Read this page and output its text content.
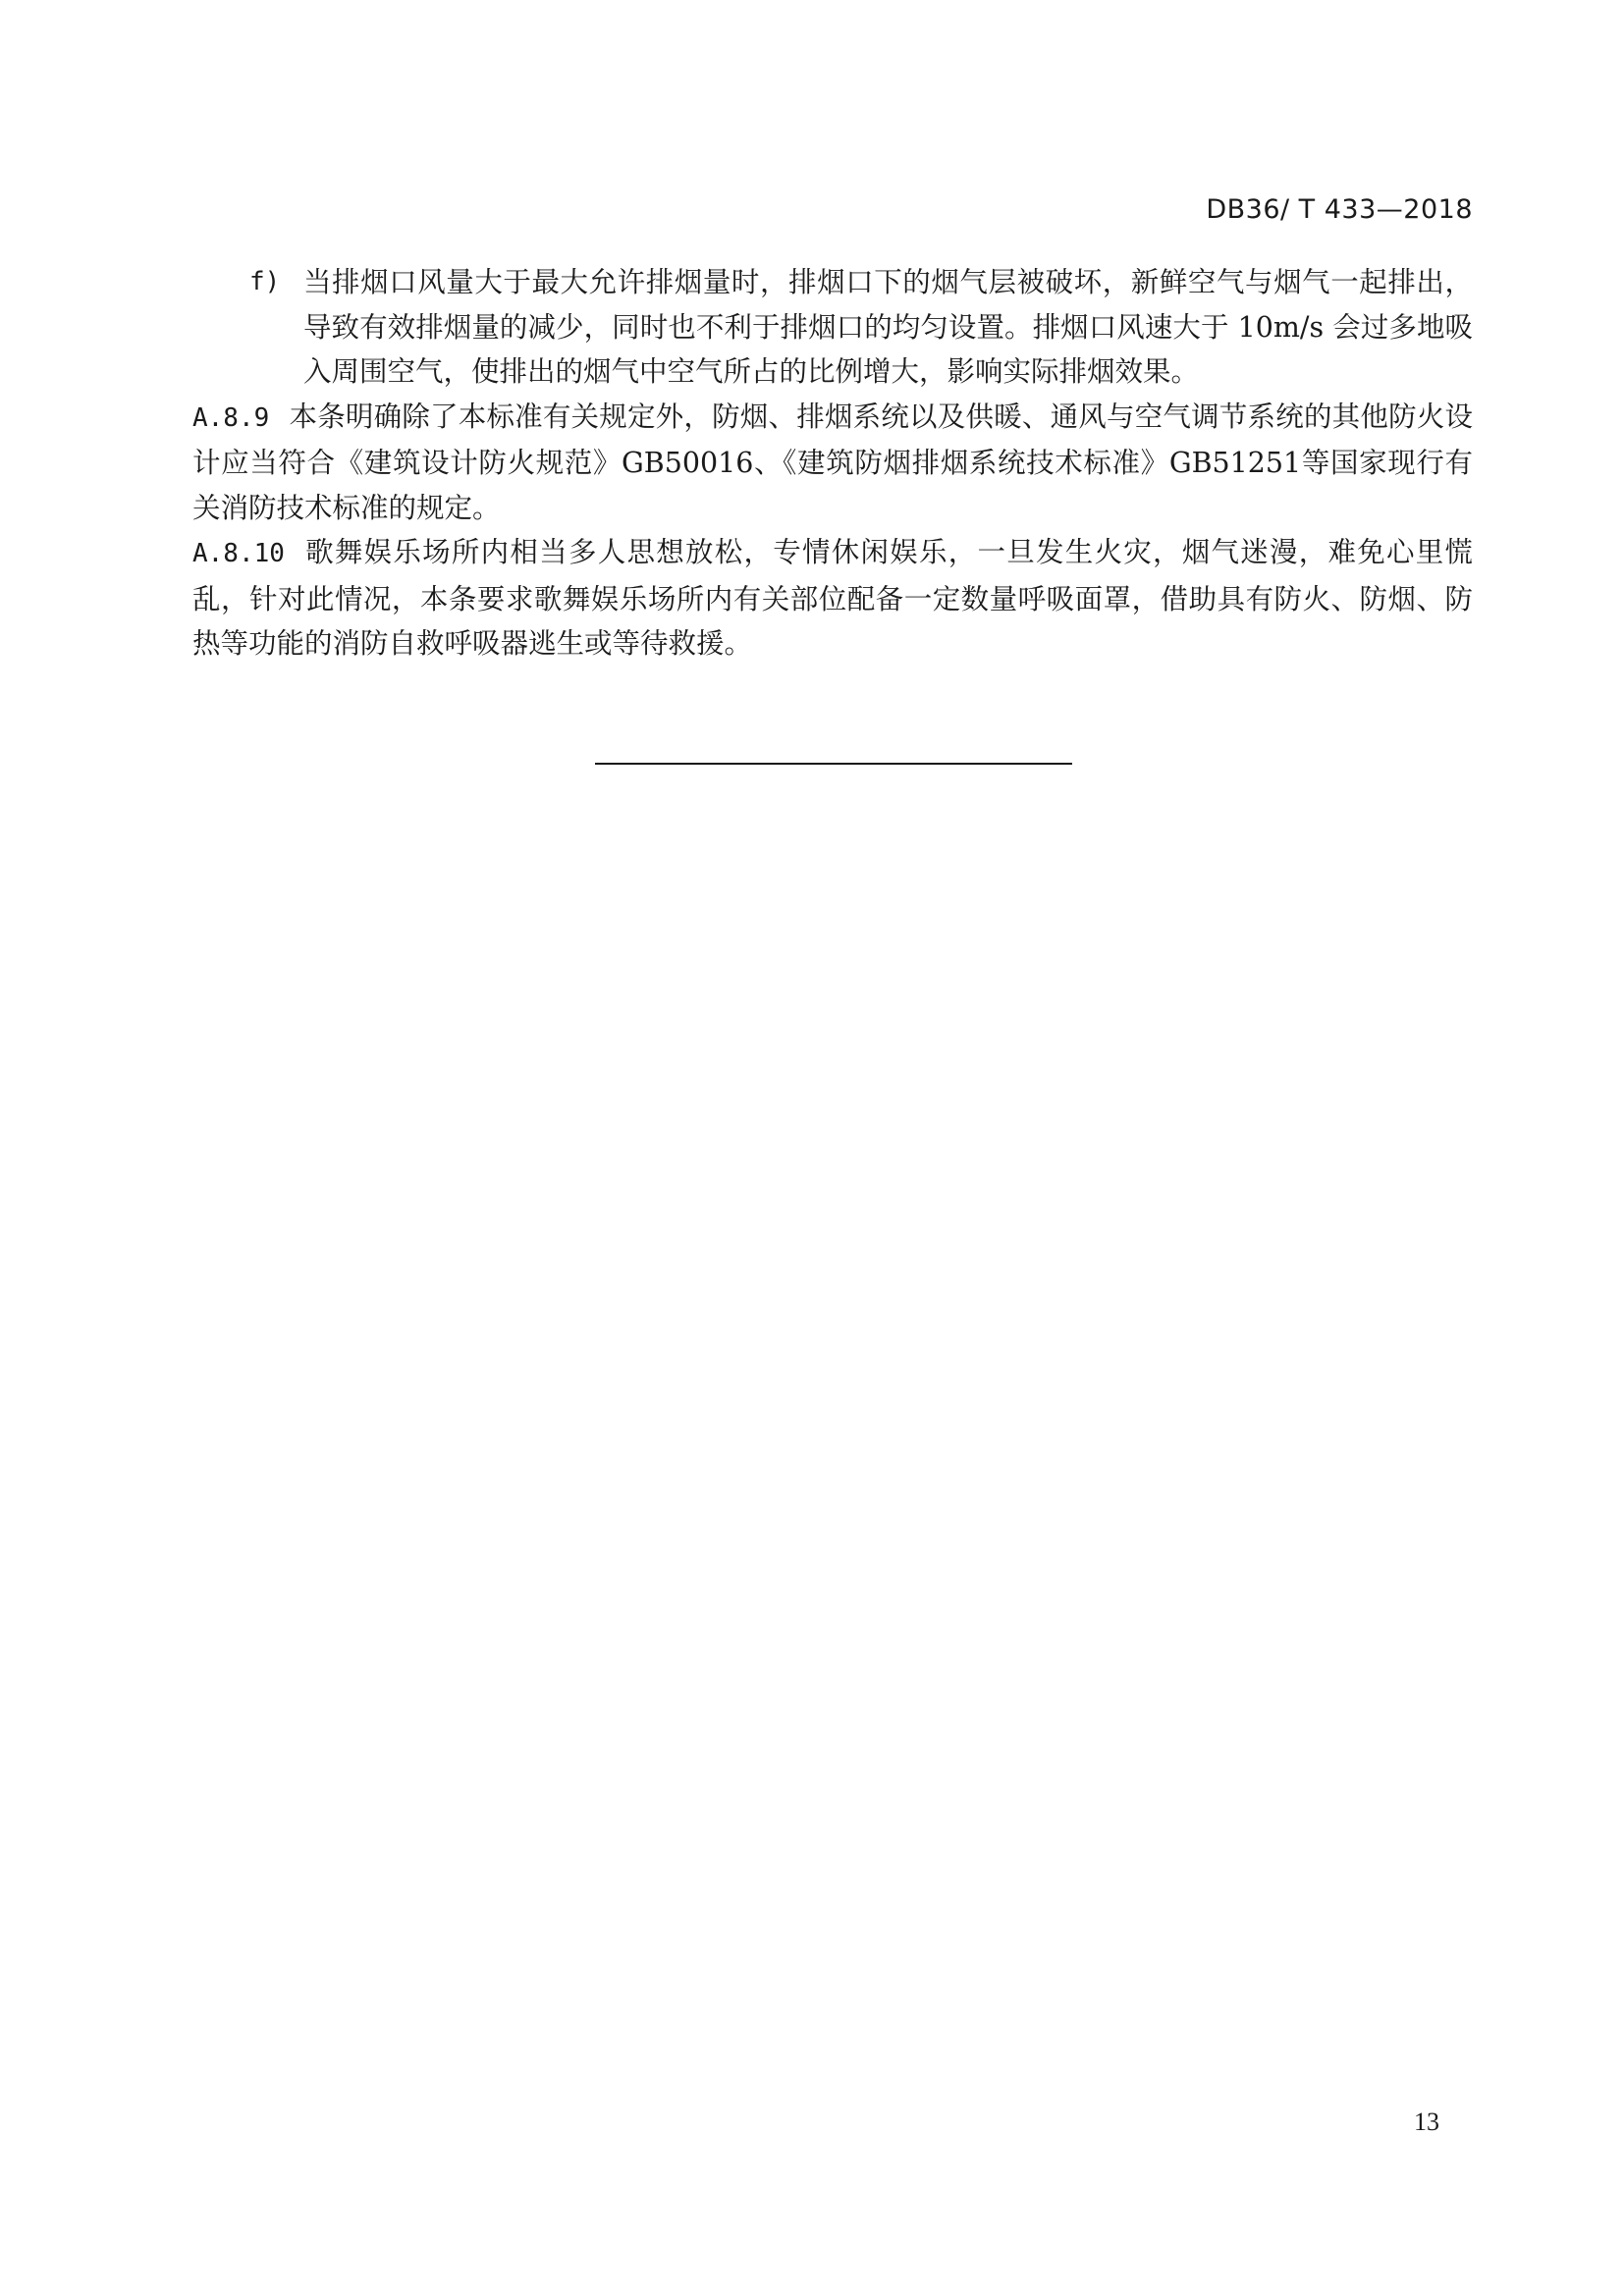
DB36/ T 433—2018
f) 当排烟口风量大于最大允许排烟量时，排烟口下的烟气层被破坏，新鲜空气与烟气一起排出，导致有效排烟量的减少，同时也不利于排烟口的均匀设置。排烟口风速大于 10m/s 会过多地吸入周围空气，使排出的烟气中空气所占的比例增大，影响实际排烟效果。
A.8.9 本条明确除了本标准有关规定外，防烟、排烟系统以及供暖、通风与空气调节系统的其他防火设计应当符合《建筑设计防火规范》GB50016、《建筑防烟排烟系统技术标准》GB51251等国家现行有关消防技术标准的规定。
A.8.10 歌舞娱乐场所内相当多人思想放松，专情休闲娱乐，一旦发生火灾，烟气迷漫，难免心里慌乱，针对此情况，本条要求歌舞娱乐场所内有关部位配备一定数量呼吸面罩，借助具有防火、防烟、防热等功能的消防自救呼吸器逃生或等待救援。
13
